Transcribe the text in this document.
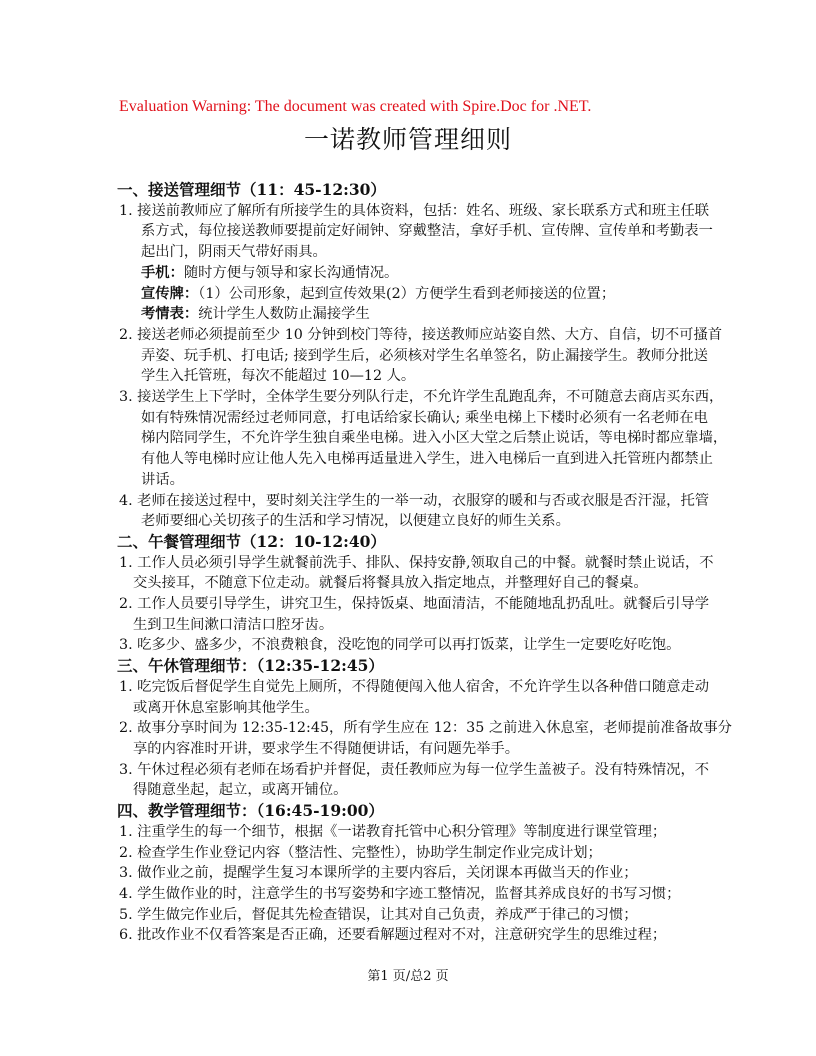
Evaluation Warning: The document was created with Spire.Doc for .NET.
一诺教师管理细则
一、接送管理细节（11：45-12:30）
1. 接送前教师应了解所有所接学生的具体资料，包括：姓名、班级、家长联系方式和班主任联
系方式，每位接送教师要提前定好闹钟、穿戴整洁，拿好手机、宣传牌、宣传单和考勤表一
起出门，阴雨天气带好雨具。
手机：随时方便与领导和家长沟通情况。
宣传牌：（1）公司形象，起到宣传效果(2）方便学生看到老师接送的位置；
考情表：统计学生人数防止漏接学生
2. 接送老师必须提前至少 10 分钟到校门等待，接送教师应站姿自然、大方、自信，切不可搔首
弄姿、玩手机、打电话; 接到学生后，必须核对学生名单签名，防止漏接学生。教师分批送
学生入托管班，每次不能超过 10—12 人。
3. 接送学生上下学时，全体学生要分列队行走，不允许学生乱跑乱奔，不可随意去商店买东西，
如有特殊情况需经过老师同意，打电话给家长确认; 乘坐电梯上下楼时必须有一名老师在电
梯内陪同学生，不允许学生独自乘坐电梯。进入小区大堂之后禁止说话，等电梯时都应靠墙，
有他人等电梯时应让他人先入电梯再适量进入学生，进入电梯后一直到进入托管班内都禁止
讲话。
4. 老师在接送过程中，要时刻关注学生的一举一动，衣服穿的暖和与否或衣服是否汗湿，托管
老师要细心关切孩子的生活和学习情况，以便建立良好的师生关系。
二、午餐管理细节（12：10-12:40）
1. 工作人员必须引导学生就餐前洗手、排队、保持安静,领取自己的中餐。就餐时禁止说话，不
交头接耳，不随意下位走动。就餐后将餐具放入指定地点，并整理好自己的餐桌。
2. 工作人员要引导学生，讲究卫生，保持饭桌、地面清洁，不能随地乱扔乱吐。就餐后引导学
生到卫生间漱口清洁口腔牙齿。
3. 吃多少、盛多少，不浪费粮食，没吃饱的同学可以再打饭菜，让学生一定要吃好吃饱。
三、午休管理细节：（12:35-12:45）
1. 吃完饭后督促学生自觉先上厕所，不得随便闯入他人宿舍，不允许学生以各种借口随意走动
或离开休息室影响其他学生。
2. 故事分享时间为 12:35-12:45，所有学生应在 12：35 之前进入休息室，老师提前准备故事分
享的内容准时开讲，要求学生不得随便讲话，有问题先举手。
3. 午休过程必须有老师在场看护并督促，责任教师应为每一位学生盖被子。没有特殊情况，不
得随意坐起，起立，或离开铺位。
四、教学管理细节：（16:45-19:00）
1. 注重学生的每一个细节，根据《一诺教育托管中心积分管理》等制度进行课堂管理；
2. 检查学生作业登记内容（整洁性、完整性），协助学生制定作业完成计划；
3. 做作业之前，提醒学生复习本课所学的主要内容后，关闭课本再做当天的作业；
4. 学生做作业的时，注意学生的书写姿势和字迹工整情况，监督其养成良好的书写习惯；
5. 学生做完作业后，督促其先检查错误，让其对自己负责，养成严于律己的习惯；
6. 批改作业不仅看答案是否正确，还要看解题过程对不对，注意研究学生的思维过程；
第1 页/总2 页
